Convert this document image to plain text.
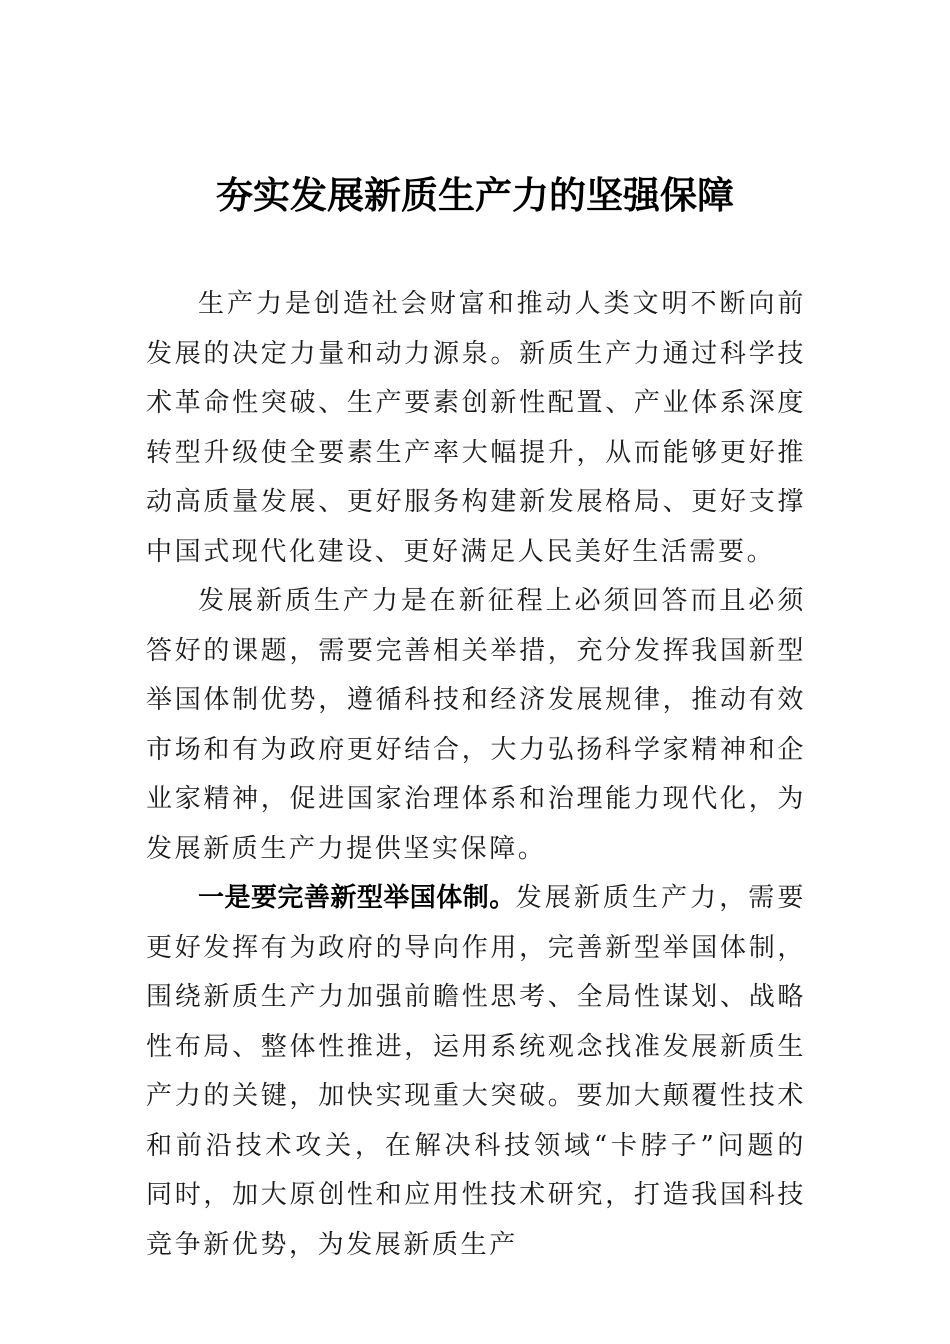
夯实发展新质生产力的坚强保障

生产力是创造社会财富和推动人类文明不断向前发展的决定力量和动力源泉。新质生产力通过科学技术革命性突破、生产要素创新性配置、产业体系深度转型升级使全要素生产率大幅提升，从而能够更好推动高质量发展、更好服务构建新发展格局、更好支撑中国式现代化建设、更好满足人民美好生活需要。

发展新质生产力是在新征程上必须回答而且必须答好的课题，需要完善相关举措，充分发挥我国新型举国体制优势，遵循科技和经济发展规律，推动有效市场和有为政府更好结合，大力弘扬科学家精神和企业家精神，促进国家治理体系和治理能力现代化，为发展新质生产力提供坚实保障。

一是要完善新型举国体制。发展新质生产力，需要更好发挥有为政府的导向作用，完善新型举国体制，围绕新质生产力加强前瞻性思考、全局性谋划、战略性布局、整体性推进，运用系统观念找准发展新质生产力的关键，加快实现重大突破。要加大颠覆性技术和前沿技术攻关，在解决科技领域“卡脖子”问题的同时，加大原创性和应用性技术研究，打造我国科技竞争新优势，为发展新质生产
